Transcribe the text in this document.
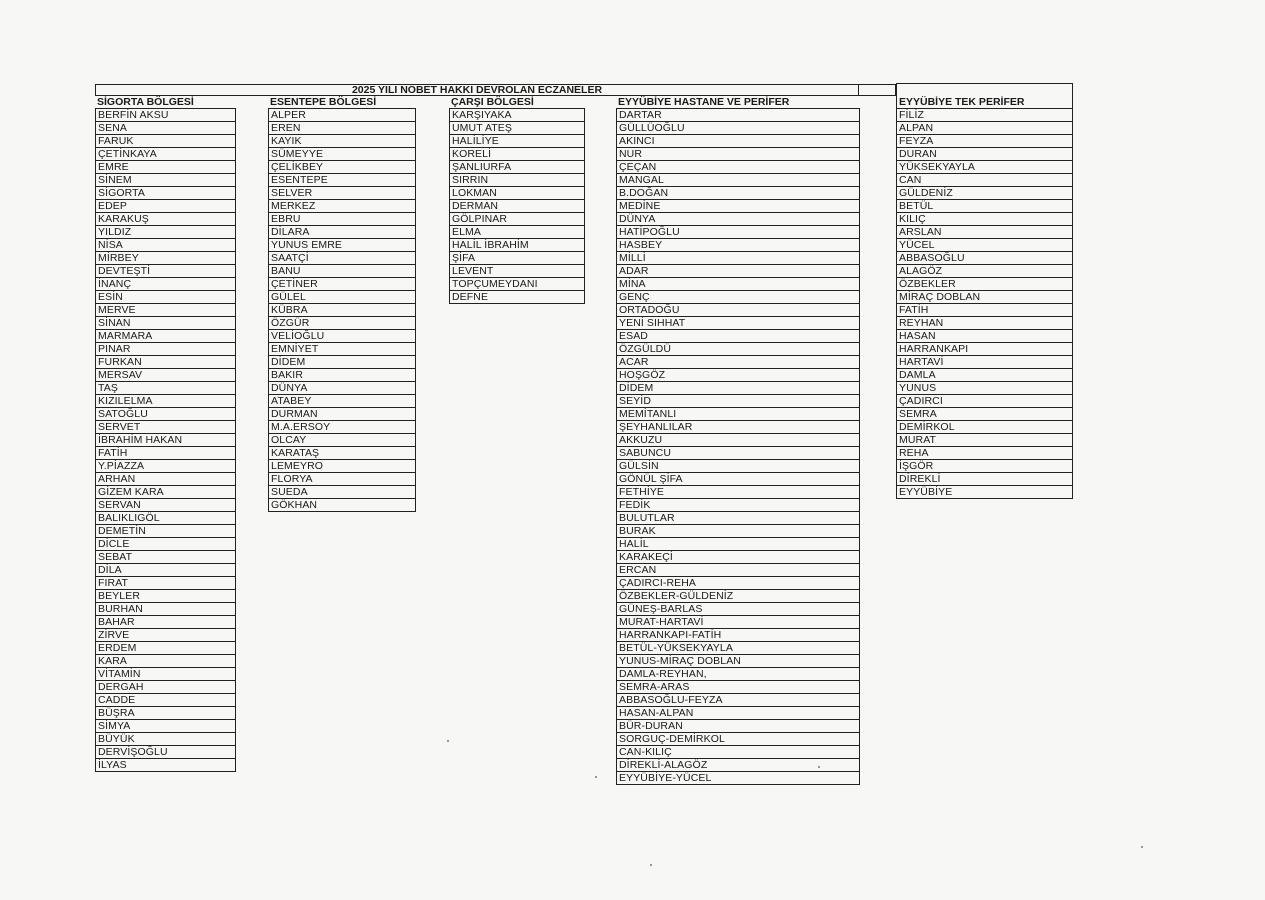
2025 YILI NÖBET HAKKI DEVROLAN ECZANELER
SİGORTA BÖLGESİ
BERFİN AKSU
SENA
FARUK
ÇETİNKAYA
EMRE
SİNEM
SİGORTA
EDEP
KARAKUŞ
YILDIZ
NİSA
MİRBEY
DEVTEŞTİ
İNANÇ
ESİN
MERVE
SİNAN
MARMARA
PINAR
FURKAN
MERSAV
TAŞ
KIZILELMA
SATOĞLU
SERVET
İBRAHİM HAKAN
FATİH
Y.PİAZZA
ARHAN
GİZEM KARA
SERVAN
BALIKLIGÖL
DEMETİN
DİCLE
SEBAT
DİLA
FIRAT
BEYLER
BURHAN
BAHAR
ZİRVE
ERDEM
KARA
VİTAMİN
DERGAH
CADDE
BÜŞRA
SİMYA
BÜYÜK
DERVİŞOĞLU
İLYAS
ESENTEPE BÖLGESİ
ALPER
EREN
KAYIK
SÜMEYYE
ÇELİKBEY
ESENTEPE
SELVER
MERKEZ
EBRU
DİLARA
YUNUS EMRE
SAATÇİ
BANU
ÇETİNER
GÜLEL
KÜBRA
ÖZGÜR
VELİOĞLU
EMNİYET
DİDEM
BAKIR
DÜNYA
ATABEY
DURMAN
M.A.ERSOY
OLCAY
KARATAŞ
LEMEYRO
FLORYA
SUEDA
GÖKHAN
ÇARŞI BÖLGESİ
KARŞIYAKA
UMUT ATEŞ
HALİLİYE
KORELİ
ŞANLIURFA
SIRRIN
LOKMAN
DERMAN
GÖLPINAR
ELMA
HALİL İBRAHİM
ŞİFA
LEVENT
TOPÇUMEYDANI
DEFNE
EYYÜBİYE HASTANE VE PERİFER
DARTAR
GÜLLÜOĞLU
AKINCI
NUR
ÇEÇAN
MANGAL
B.DOĞAN
MEDİNE
DÜNYA
HATİPOĞLU
HASBEY
MİLLİ
ADAR
MİNA
GENÇ
ORTADOĞU
YENİ SIHHAT
ESAD
ÖZGÜLDÜ
ACAR
HOŞGÖZ
DİDEM
SEYİD
MEMİTANLI
ŞEYHANLILAR
AKKUZU
SABUNCU
GÜLSİN
GÖNÜL ŞİFA
FETHİYE
FEDİK
BULUTLAR
BURAK
HALİL
KARAKEÇİ
ERCAN
ÇADIRCI-REHA
ÖZBEKLER-GÜLDENİZ
GÜNEŞ-BARLAS
MURAT-HARTAVİ
HARRANKAPI-FATİH
BETÜL-YÜKSEKYAYLA
YUNUS-MİRAÇ DOBLAN
DAMLA-REYHAN,
SEMRA-ARAS
ABBASOĞLU-FEYZA
HASAN-ALPAN
BÜR-DURAN
SORGUÇ-DEMİRKOL
CAN-KILIÇ
DİREKLİ-ALAGÖZ
EYYÜBİYE-YÜCEL
EYYÜBİYE TEK PERİFER
FİLİZ
ALPAN
FEYZA
DURAN
YÜKSEKYAYLA
CAN
GÜLDENİZ
BETÜL
KILIÇ
ARSLAN
YÜCEL
ABBASOĞLU
ALAGÖZ
ÖZBEKLER
MİRAÇ DOBLAN
FATİH
REYHAN
HASAN
HARRANKAPI
HARTAVİ
DAMLA
YUNUS
ÇADIRCI
SEMRA
DEMİRKOL
MURAT
REHA
İŞGÖR
DİREKLİ
EYYÜBİYE
